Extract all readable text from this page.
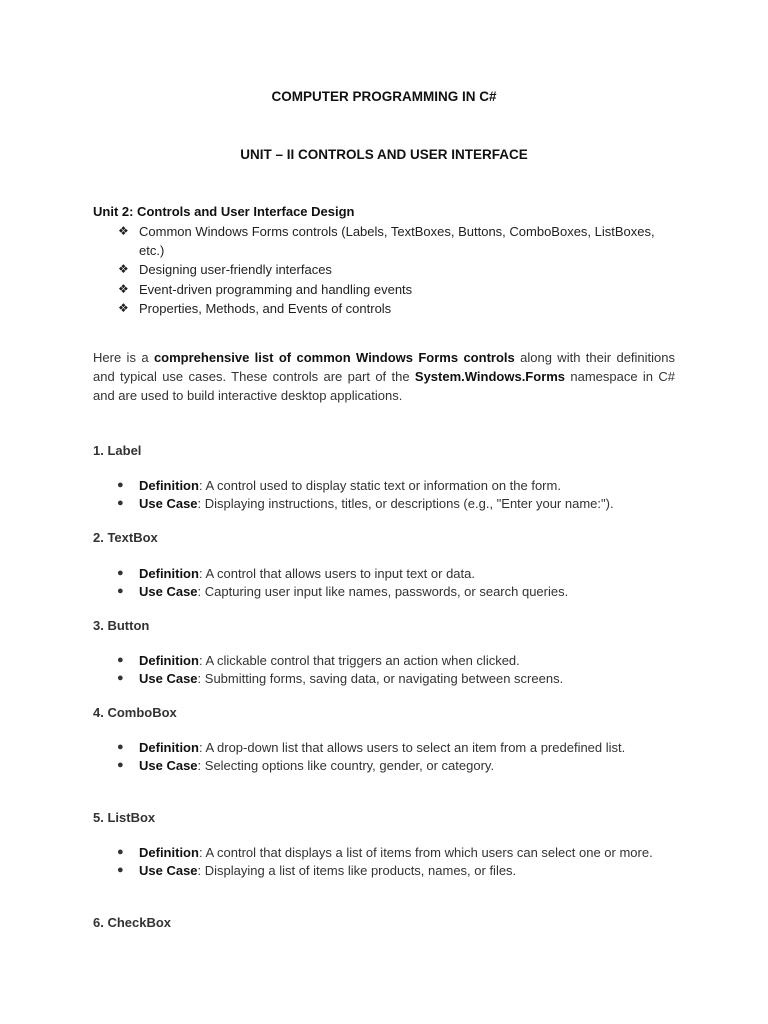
COMPUTER PROGRAMMING IN C#
UNIT – II CONTROLS AND USER INTERFACE
Unit 2: Controls and User Interface Design
❖ Common Windows Forms controls (Labels, TextBoxes, Buttons, ComboBoxes, ListBoxes, etc.)
❖ Designing user-friendly interfaces
❖ Event-driven programming and handling events
❖ Properties, Methods, and Events of controls

Here is a comprehensive list of common Windows Forms controls along with their definitions and typical use cases. These controls are part of the System.Windows.Forms namespace in C# and are used to build interactive desktop applications.

1. Label
● Definition: A control used to display static text or information on the form.
● Use Case: Displaying instructions, titles, or descriptions (e.g., "Enter your name:").
2. TextBox
● Definition: A control that allows users to input text or data.
● Use Case: Capturing user input like names, passwords, or search queries.
3. Button
● Definition: A clickable control that triggers an action when clicked.
● Use Case: Submitting forms, saving data, or navigating between screens.
4. ComboBox
● Definition: A drop-down list that allows users to select an item from a predefined list.
● Use Case: Selecting options like country, gender, or category.
5. ListBox
● Definition: A control that displays a list of items from which users can select one or more.
● Use Case: Displaying a list of items like products, names, or files.
6. CheckBox
